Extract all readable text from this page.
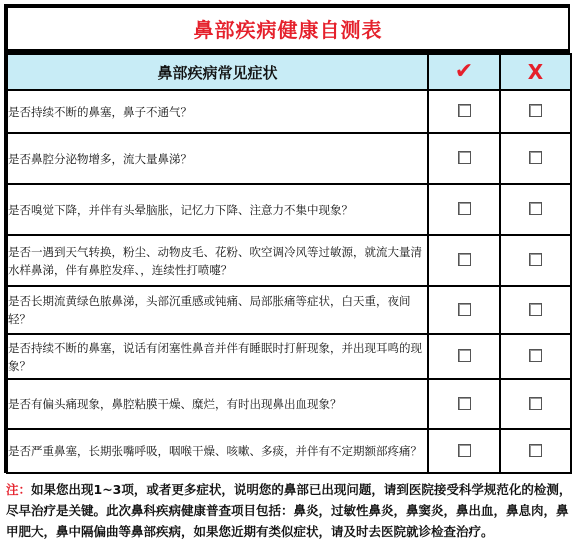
鼻部疾病健康自测表
鼻部疾病常见症状	✔	X
是否持续不断的鼻塞，鼻子不通气？		
是否鼻腔分泌物增多，流大量鼻涕？		
是否嗅觉下降，并伴有头晕脑胀，记忆力下降、注意力不集中现象？		
是否一遇到天气转换，粉尘、动物皮毛、花粉、吹空调冷风等过敏源，就流大量清水样鼻涕，伴有鼻腔发痒、，连续性打喷嚏？		
是否长期流黄绿色脓鼻涕，头部沉重感或钝痛、局部胀痛等症状，白天重，夜间轻？		
是否持续不断的鼻塞，说话有闭塞性鼻音并伴有睡眠时打鼾现象，并出现耳鸣的现象？		
是否有偏头痛现象，鼻腔粘膜干燥、糜烂，有时出现鼻出血现象？		
是否严重鼻塞，长期张嘴呼吸，咽喉干燥、咳嗽、多痰，并伴有不定期额部疼痛？		
注：如果您出现1~3项，或者更多症状，说明您的鼻部已出现问题，请到医院接受科学规范化的检测，尽早治疗是关键。此次鼻科疾病健康普查项目包括：鼻炎，过敏性鼻炎，鼻窦炎，鼻出血，鼻息肉，鼻甲肥大，鼻中隔偏曲等鼻部疾病，如果您近期有类似症状，请及时去医院就诊检查治疗。
